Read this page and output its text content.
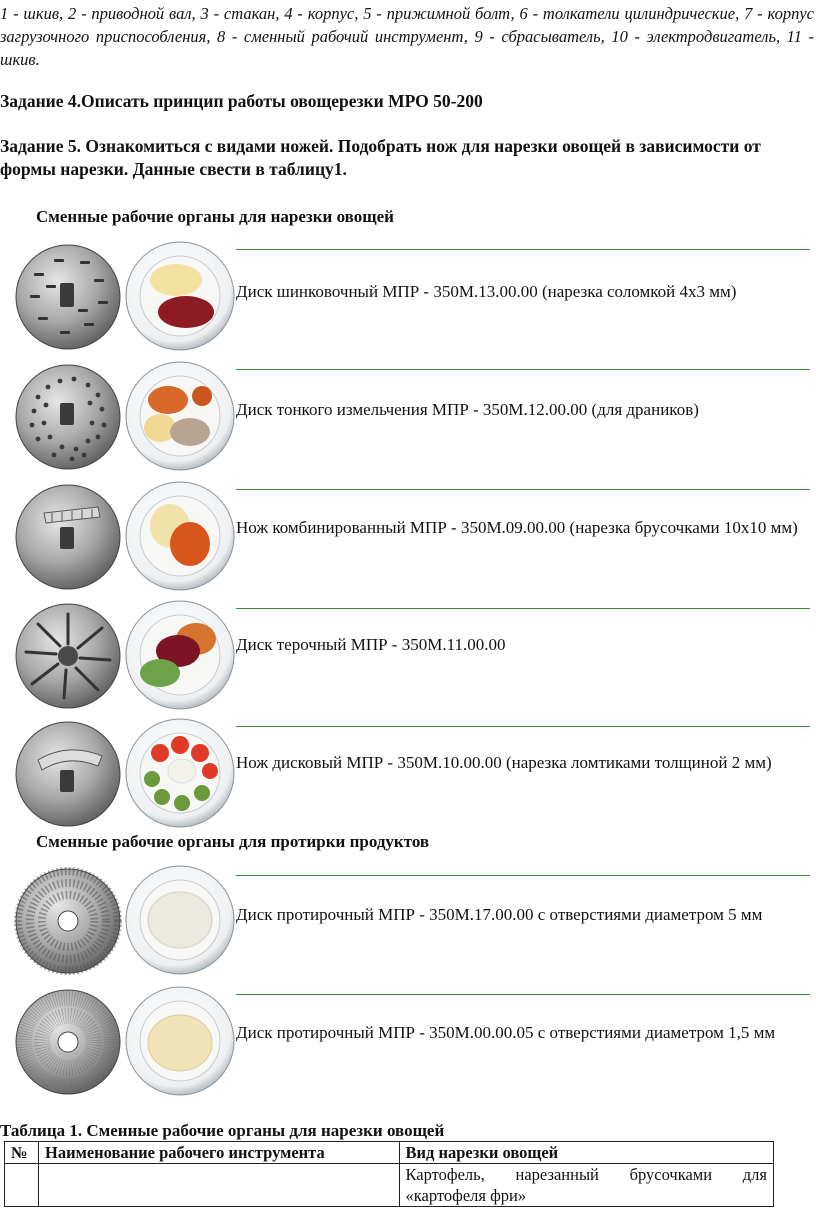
1 - шкив, 2 - приводной вал, 3 - стакан, 4 - корпус, 5 - прижимной болт, 6 - толкатели цилиндрические, 7 - корпус загрузочного приспособления, 8 - сменный рабочий инструмент, 9 - сбрасыватель, 10 - электродвигатель, 11 - шкив.
Задание 4.Описать принцип работы овощерезки МРО 50-200
Задание 5. Ознакомиться с видами ножей. Подобрать нож для нарезки овощей в зависимости от формы нарезки. Данные свести в таблицу1.
Сменные рабочие органы для нарезки овощей
Диск шинковочный МПР - 350М.13.00.00 (нарезка соломкой 4х3 мм)
Диск тонкого измельчения МПР - 350М.12.00.00 (для драников)
Нож комбинированный МПР - 350М.09.00.00 (нарезка брусочками 10х10 мм)
Диск терочный МПР - 350М.11.00.00
Нож дисковый МПР - 350М.10.00.00 (нарезка ломтиками толщиной 2 мм)
Сменные рабочие органы для протирки продуктов
Диск протирочный МПР - 350М.17.00.00 с отверстиями диаметром 5 мм
Диск протирочный МПР - 350М.00.00.05 с отверстиями диаметром 1,5 мм
Таблица 1. Сменные рабочие органы для нарезки овощей
№	Наименование рабочего инструмента	Вид нарезки овощей
		Картофель, нарезанный брусочками для «картофеля фри»
